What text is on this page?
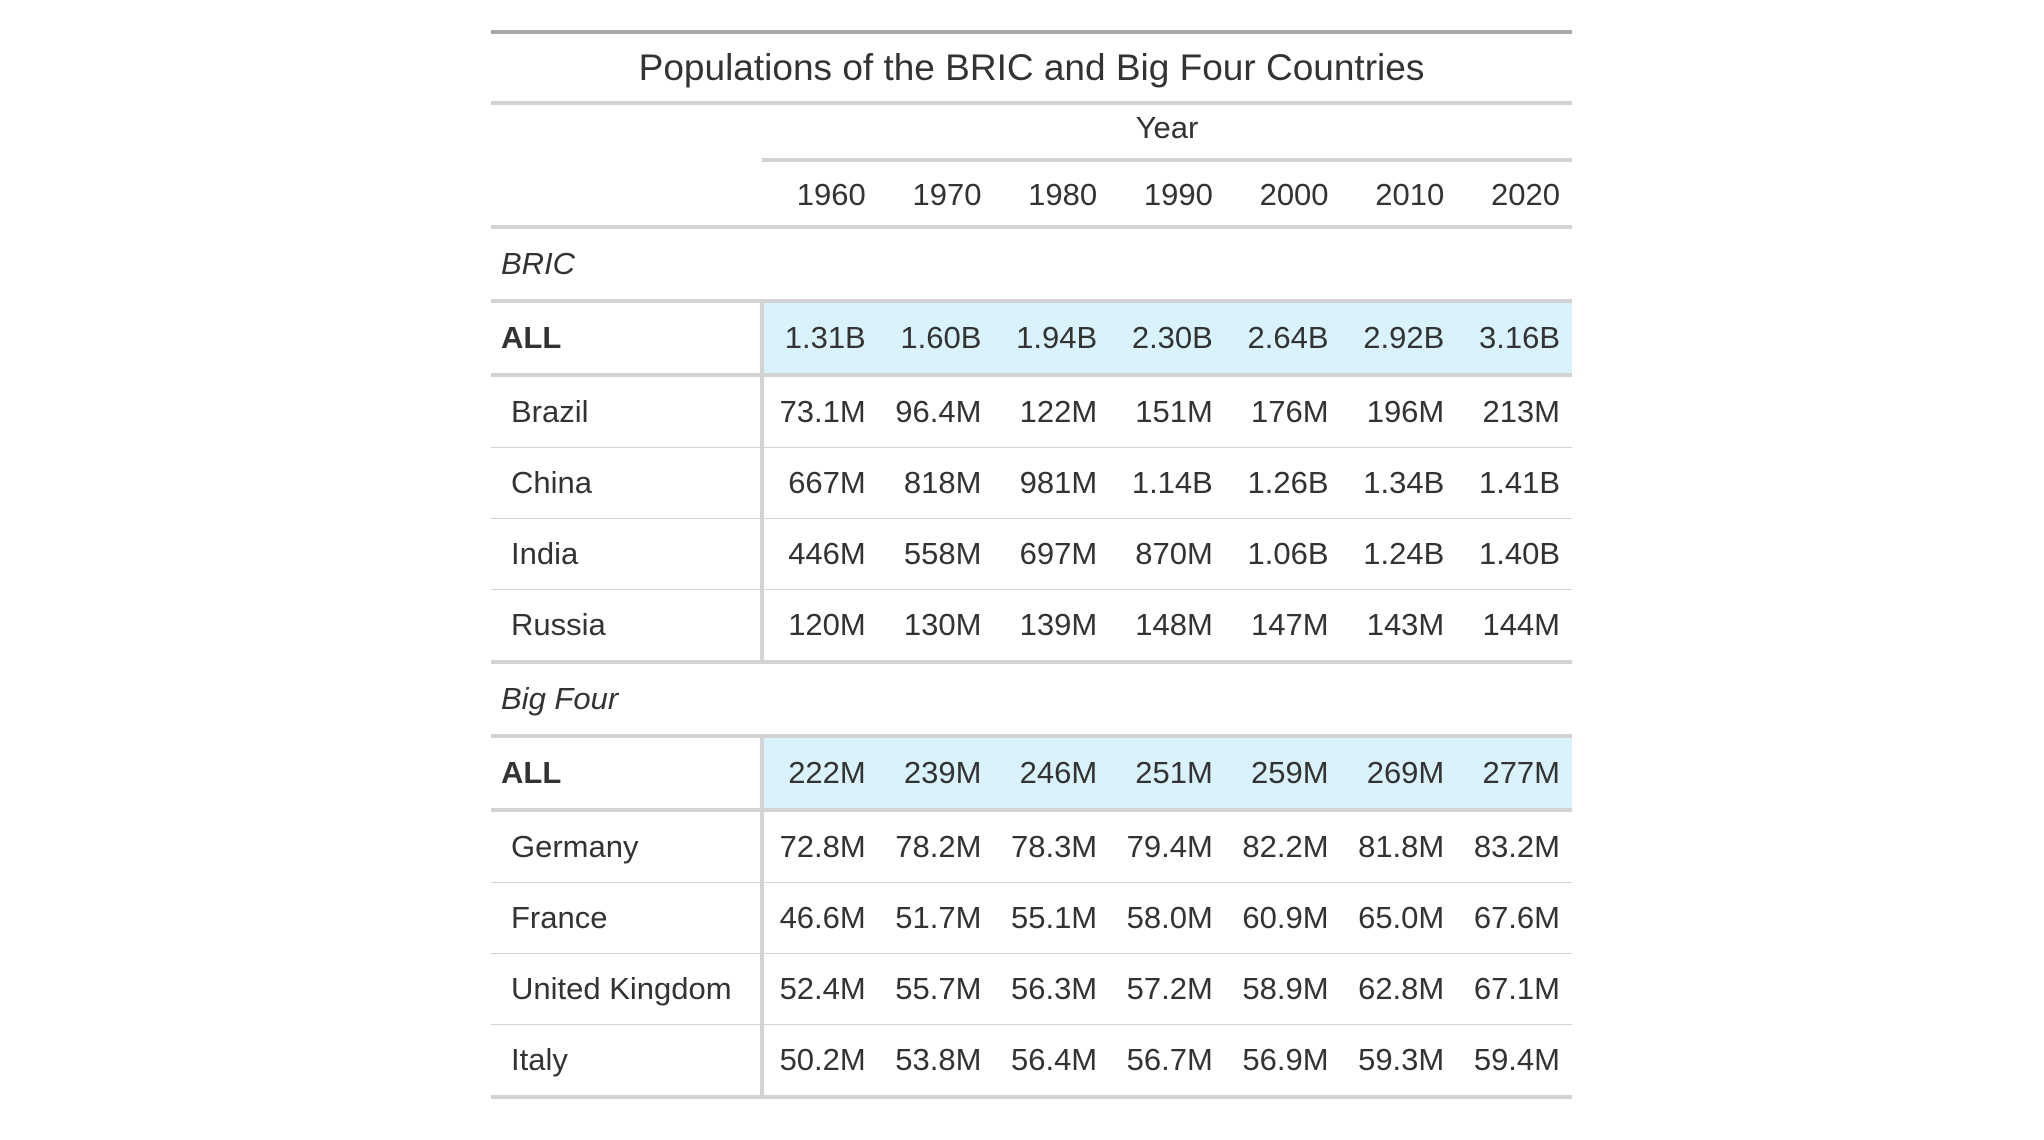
Populations of the BRIC and Big Four Countries							

	Year						

	1960	1970	1980	1990	2000	2010	2020
BRIC							
ALL	1.31B	1.60B	1.94B	2.30B	2.64B	2.92B	3.16B
Brazil	73.1M	96.4M	122M	151M	176M	196M	213M
China	667M	818M	981M	1.14B	1.26B	1.34B	1.41B
India	446M	558M	697M	870M	1.06B	1.24B	1.40B
Russia	120M	130M	139M	148M	147M	143M	144M
Big Four							
ALL	222M	239M	246M	251M	259M	269M	277M
Germany	72.8M	78.2M	78.3M	79.4M	82.2M	81.8M	83.2M
France	46.6M	51.7M	55.1M	58.0M	60.9M	65.0M	67.6M
United Kingdom	52.4M	55.7M	56.3M	57.2M	58.9M	62.8M	67.1M
Italy	50.2M	53.8M	56.4M	56.7M	56.9M	59.3M	59.4M
